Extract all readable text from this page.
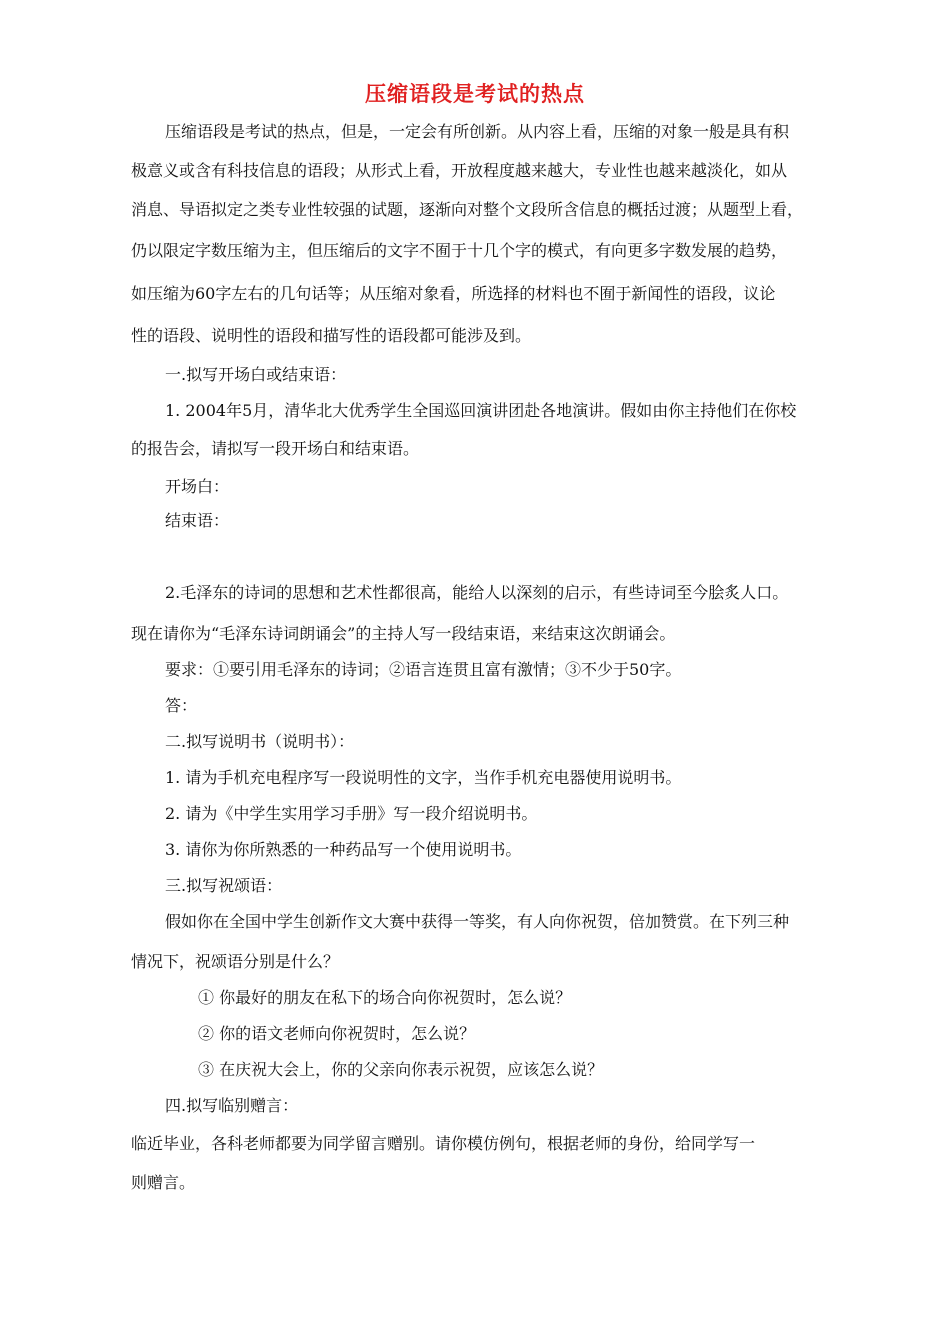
压缩语段是考试的热点
压缩语段是考试的热点，但是，一定会有所创新。从内容上看，压缩的对象一般是具有积
极意义或含有科技信息的语段；从形式上看，开放程度越来越大，专业性也越来越淡化，如从
消息、导语拟定之类专业性较强的试题，逐渐向对整个文段所含信息的概括过渡；从题型上看，
仍以限定字数压缩为主，但压缩后的文字不囿于十几个字的模式，有向更多字数发展的趋势，
如压缩为60字左右的几句话等；从压缩对象看，所选择的材料也不囿于新闻性的语段，议论
性的语段、说明性的语段和描写性的语段都可能涉及到。
一.拟写开场白或结束语：
1. 2004年5月，清华北大优秀学生全国巡回演讲团赴各地演讲。假如由你主持他们在你校
的报告会，请拟写一段开场白和结束语。
开场白：
结束语：
2.毛泽东的诗词的思想和艺术性都很高，能给人以深刻的启示，有些诗词至今脍炙人口。
现在请你为“毛泽东诗词朗诵会”的主持人写一段结束语，来结束这次朗诵会。
要求：①要引用毛泽东的诗词；②语言连贯且富有激情；③不少于50字。
答：
二.拟写说明书（说明书）：
1. 请为手机充电程序写一段说明性的文字，当作手机充电器使用说明书。
2. 请为《中学生实用学习手册》写一段介绍说明书。
3. 请你为你所熟悉的一种药品写一个使用说明书。
三.拟写祝颂语：
假如你在全国中学生创新作文大赛中获得一等奖，有人向你祝贺，倍加赞赏。在下列三种
情况下，祝颂语分别是什么？
① 你最好的朋友在私下的场合向你祝贺时，怎么说？
② 你的语文老师向你祝贺时，怎么说？
③ 在庆祝大会上，你的父亲向你表示祝贺，应该怎么说？
四.拟写临别赠言：
临近毕业，各科老师都要为同学留言赠别。请你模仿例句，根据老师的身份，给同学写一
则赠言。
